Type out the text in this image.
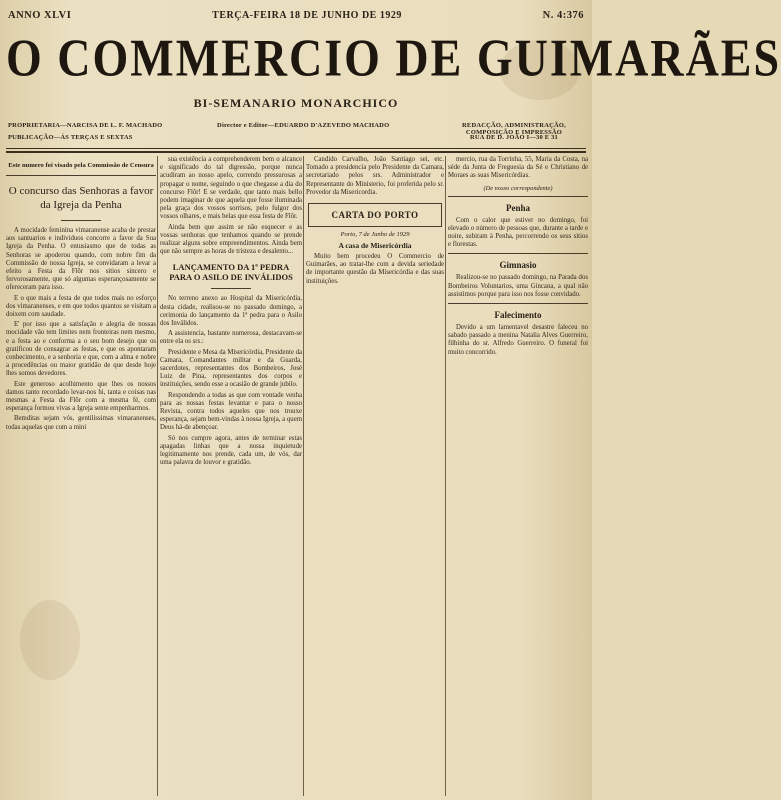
ANNO XLVI	TERÇA-FEIRA 18 DE JUNHO DE 1929	N. 4:376
O COMMERCIO DE GUIMARÃES
BI-SEMANARIO MONARCHICO
PROPRIETARIA—NARCISA DE L. F. MACHADO	Director e Editor—EDUARDO D'AZEVEDO MACHADO	REDACÇÃO, ADMINISTRAÇÃO, COMPOSIÇÃO E IMPRESSÃO
PUBLICAÇÃO—ÁS TERÇAS E SEXTAS	RUA DE D. JOÃO I—30 E 31
Este numero foi visado pela Commissão de Censura
O concurso das Senhoras a favor da Igreja da Penha

A mocidade feminina vimaranense acaba de prestar aos santuarios e individuos concorre a favor da Sua Igreja da Penha. O entusiasmo que de todas as Senhoras se apoderou quando, com nobre fim da Commissão de nossa Igreja, se convidaram a levar a efeito a Festa da Flôr nos sitios sincero e fervorosamente, que só algumas esperançosamente se ofereceram para isso.

E o que mais a festa de que todos mais no esforço dos vimaranenses, e em que todos quantos se visitam a doixem com saudade.

E' por isso que a satisfação e alegria de nossas mocidade vão tem limites nem fronteiras nem mesmo, e a festa ao e conforma a o seu bom desejo que os gratificou de consagrar as festas, e que os apontaram conhecimento, e a senhoria e que, com a alma e nobre a procedências ou maior gratidão de que desde hoje lhes somos devedores.

Este generoso acolhimento que lhes os nossos damos tanto recordado levar-nos hi, tanta e coisas nas mesmas a Festa da Flôr com a mesma fé, com esperança formou vivas a Igreja sente empenharmos.

Bemditas sejam vós, gentilissimas vimaranenses, todas aquelas que com a mini

sua existência a comprehenderem bem o alcance e significado do tal digressão, porque nunca acudiram ao nosso apelo, correndo pressurosas a propagar o nome, seguindo o que chegasse a dia do concurso Flôr! E se verdade, que tanto mais bello podem imaginar de que aquela que fosse iluminada pela graça dos vossos sorrisos, pelo fulgor dos vossos olhares, e mais belas que essa festa de Flôr.

Ainda bem que assim se não esquecer e as vossas senhoras que tenhamos quando se prende realizar alguns sobre empreendimentos. Ainda bem que não sempre as horas de tristeza e desalento...

LANÇAMENTO DA 1ª PEDRA PARA O ASILO DE INVÁLIDOS

No terreno anexo ao Hospital da Misericórdia, desta cidade, realisou-se no passado domingo, a cerimonia do lançamento da 1ª pedra para o Asilo dos Inválidos.

A assistencia, bastante numerosa, destacavam-se entre ela os srs.:

Presidente e Mesa da Misericórdia, Presidente da Camara, Comandantes militar e da Guarda, sacerdotes, representantes dos Bombeiros, José Luiz de Pina, representantes dos corpos e instituições, sendo esse a ocasião de grande jubilo.

Respondendo a todas as que com vontade venha para as nossas festas levantar e para o nosso Revista, contra todos aqueles que nos trouxe esperança, sejam bem-vindas à nossa Igreja, a quem Deus há-de abençoar.

Só nos cumpre agora, antes de terminar estas apagadas linhas que a nossa inquietude legitimamente nos prende, cada um, de vós, dar uma palavra de louvor e gratidão.

Candido Carvalho, João Santiago sei, etc. Tomado a presidencia pelo Presidente da Camara, secretariado pelos srs. Administrador e Representante do Ministerio, foi proferida pelo sr. Provedor da Misericordia.

CARTA DO PORTO
Porto, 7 de Junho de 1929
A casa de Misericórdia

Muito bem procedeu O Commercio de Guimarães, ao tratar-lhe com a devida seriedade de importante questão da Misericórdia e das suas instituições.

mercio, rua da Torrinha, 55, Maria da Costa, na séde da Junta de Freguesia da Sé e Christiano de Moraes as suas Misericórdias.

(De nosso correspondente)
Penha

Com o calor que estiver no domingo, foi elevado o número de pessoas que, durante a tarde e noite, subiram à Penha, percorrendo os seus sitios e florestas.

Gimnasio

Realizou-se no passado domingo, na Parada dos Bombeiros Voluntarios, uma Gincana, a qual não assistimos porque para isso nos fosse convidado.

Falecimento

Devido a um lamentavel desastre faleceu no sabado passado a menina Natalia Alves Guerreiro, filhinha do sr. Alfredo Guerreiro. O funeral foi muito concorrido.
